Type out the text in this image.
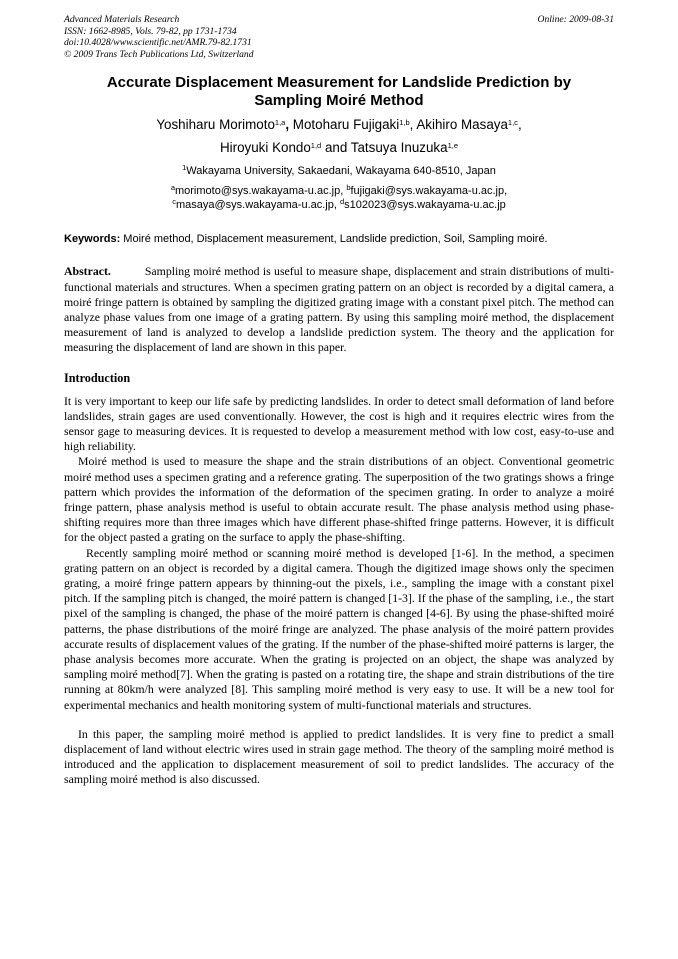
Advanced Materials Research	Online: 2009-08-31
ISSN: 1662-8985, Vols. 79-82, pp 1731-1734
doi:10.4028/www.scientific.net/AMR.79-82.1731
© 2009 Trans Tech Publications Ltd, Switzerland
Accurate Displacement Measurement for Landslide Prediction by
Sampling Moiré Method
Yoshiharu Morimoto$^{1,a}$, Motoharu Fujigaki$^{1,b}$, Akihiro Masaya$^{1,c}$,
Hiroyuki Kondo$^{1,d}$ and Tatsuya Inuzuka$^{1,e}$
$^1$Wakayama University, Sakaedani, Wakayama 640-8510, Japan
$^a$morimoto@sys.wakayama-u.ac.jp, $^b$fujigaki@sys.wakayama-u.ac.jp,
$^c$masaya@sys.wakayama-u.ac.jp, $^d$s102023@sys.wakayama-u.ac.jp
Keywords: Moiré method, Displacement measurement, Landslide prediction, Soil, Sampling moiré.

Abstract.	Sampling moiré method is useful to measure shape, displacement and strain distributions of multi-functional materials and structures. When a specimen grating pattern on an object is recorded by a digital camera, a moiré fringe pattern is obtained by sampling the digitized grating image with a constant pixel pitch. The method can analyze phase values from one image of a grating pattern. By using this sampling moiré method, the displacement measurement of land is analyzed to develop a landslide prediction system. The theory and the application for measuring the displacement of land are shown in this paper.

Introduction

It is very important to keep our life safe by predicting landslides. In order to detect small deformation of land before landslides, strain gages are used conventionally. However, the cost is high and it requires electric wires from the sensor gage to measuring devices. It is requested to develop a measurement method with low cost, easy-to-use and high reliability.

Moiré method is used to measure the shape and the strain distributions of an object. Conventional geometric moiré method uses a specimen grating and a reference grating. The superposition of the two gratings shows a fringe pattern which provides the information of the deformation of the specimen grating. In order to analyze a moiré fringe pattern, phase analysis method is useful to obtain accurate result. The phase analysis method using phase-shifting requires more than three images which have different phase-shifted fringe patterns. However, it is difficult for the object pasted a grating on the surface to apply the phase-shifting.

Recently sampling moiré method or scanning moiré method is developed [1-6]. In the method, a specimen grating pattern on an object is recorded by a digital camera. Though the digitized image shows only the specimen grating, a moiré fringe pattern appears by thinning-out the pixels, i.e., sampling the image with a constant pixel pitch. If the sampling pitch is changed, the moiré pattern is changed [1-3]. If the phase of the sampling, i.e., the start pixel of the sampling is changed, the phase of the moiré pattern is changed [4-6]. By using the phase-shifted moiré patterns, the phase distributions of the moiré fringe are analyzed. The phase analysis of the moiré pattern provides accurate results of displacement values of the grating. If the number of the phase-shifted moiré patterns is larger, the phase analysis becomes more accurate. When the grating is projected on an object, the shape was analyzed by sampling moiré method[7]. When the grating is pasted on a rotating tire, the shape and strain distributions of the tire running at 80km/h were analyzed [8]. This sampling moiré method is very easy to use. It will be a new tool for experimental mechanics and health monitoring system of multi-functional materials and structures.

In this paper, the sampling moiré method is applied to predict landslides. It is very fine to predict a small displacement of land without electric wires used in strain gage method. The theory of the sampling moiré method is introduced and the application to displacement measurement of soil to predict landslides. The accuracy of the sampling moiré method is also discussed.
